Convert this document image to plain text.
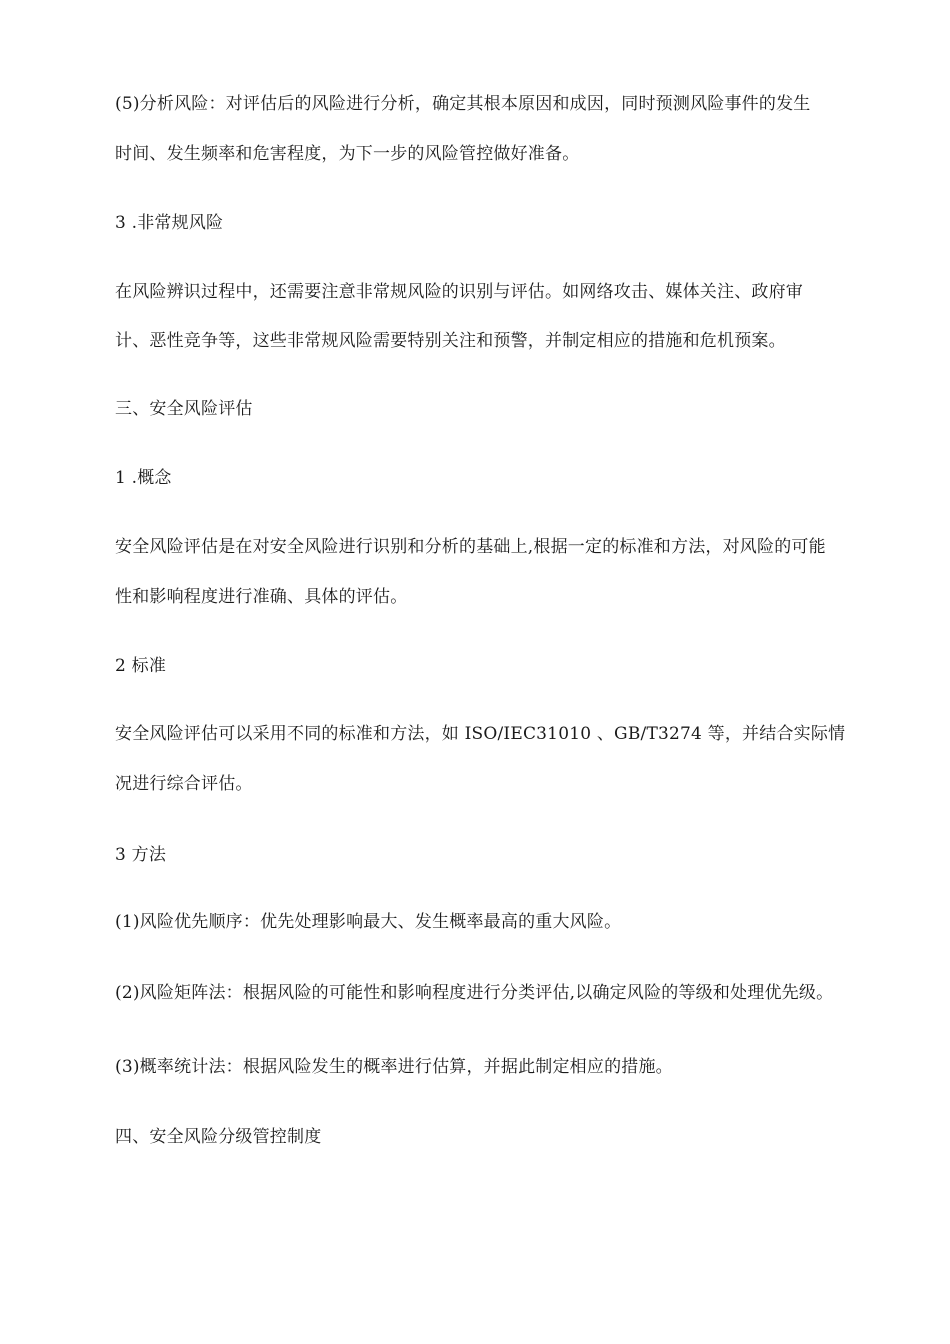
(5)分析风险：对评估后的风险进行分析，确定其根本原因和成因，同时预测风险事件的发生
时间、发生频率和危害程度，为下一步的风险管控做好准备。
3 .非常规风险
在风险辨识过程中，还需要注意非常规风险的识别与评估。如网络攻击、媒体关注、政府审
计、恶性竞争等，这些非常规风险需要特别关注和预警，并制定相应的措施和危机预案。
三、安全风险评估
1 .概念
安全风险评估是在对安全风险进行识别和分析的基础上,根据一定的标准和方法，对风险的可能
性和影响程度进行准确、具体的评估。
2 标准
安全风险评估可以采用不同的标准和方法，如 ISO/IEC31010 、GB/T3274 等，并结合实际情
况进行综合评估。
3 方法
(1)风险优先顺序：优先处理影响最大、发生概率最高的重大风险。
(2)风险矩阵法：根据风险的可能性和影响程度进行分类评估,以确定风险的等级和处理优先级。
(3)概率统计法：根据风险发生的概率进行估算，并据此制定相应的措施。
四、安全风险分级管控制度
